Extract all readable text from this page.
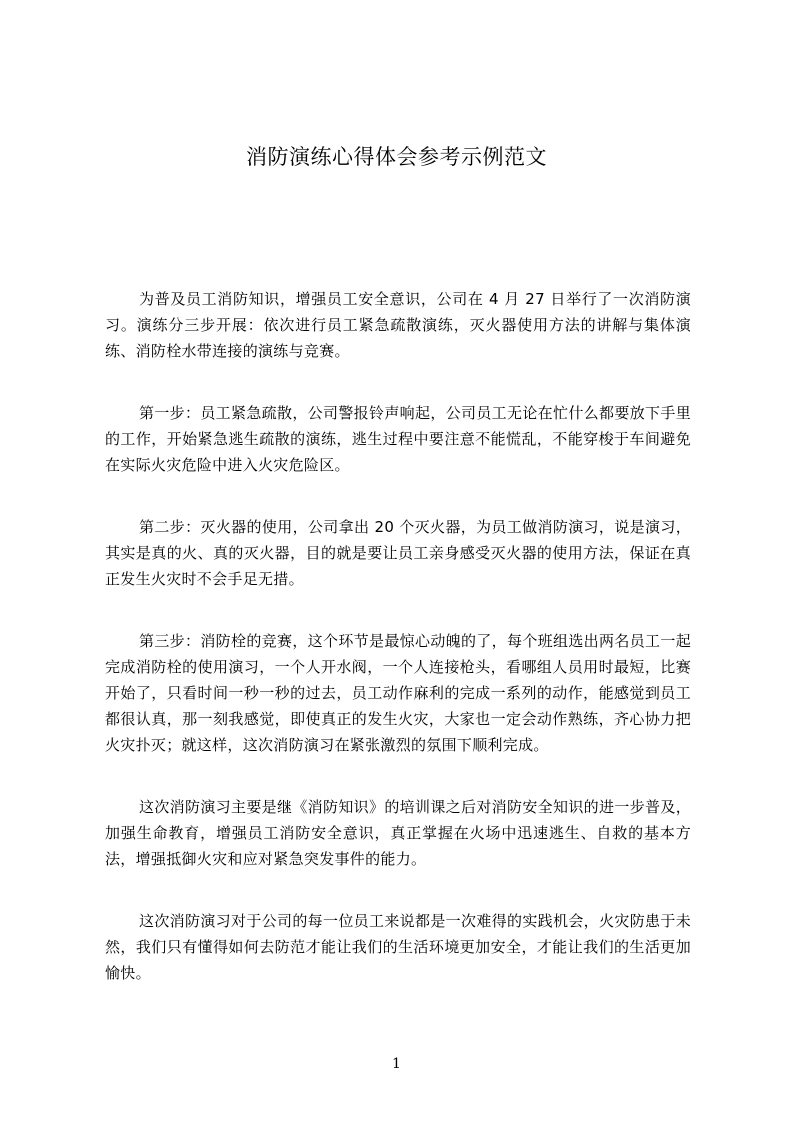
消防演练心得体会参考示例范文

为普及员工消防知识，增强员工安全意识，公司在 4 月 27 日举行了一次消防演习。演练分三步开展：依次进行员工紧急疏散演练，灭火器使用方法的讲解与集体演练、消防栓水带连接的演练与竞赛。

第一步：员工紧急疏散，公司警报铃声响起，公司员工无论在忙什么都要放下手里的工作，开始紧急逃生疏散的演练，逃生过程中要注意不能慌乱，不能穿梭于车间避免在实际火灾危险中进入火灾危险区。

第二步：灭火器的使用，公司拿出 20 个灭火器，为员工做消防演习，说是演习，其实是真的火、真的灭火器，目的就是要让员工亲身感受灭火器的使用方法，保证在真正发生火灾时不会手足无措。

第三步：消防栓的竞赛，这个环节是最惊心动魄的了，每个班组选出两名员工一起完成消防栓的使用演习，一个人开水阀，一个人连接枪头，看哪组人员用时最短，比赛开始了，只看时间一秒一秒的过去，员工动作麻利的完成一系列的动作，能感觉到员工都很认真，那一刻我感觉，即使真正的发生火灾，大家也一定会动作熟练，齐心协力把火灾扑灭；就这样，这次消防演习在紧张激烈的氛围下顺利完成。

这次消防演习主要是继《消防知识》的培训课之后对消防安全知识的进一步普及，加强生命教育，增强员工消防安全意识，真正掌握在火场中迅速逃生、自救的基本方法，增强抵御火灾和应对紧急突发事件的能力。

这次消防演习对于公司的每一位员工来说都是一次难得的实践机会，火灾防患于未然，我们只有懂得如何去防范才能让我们的生活环境更加安全，才能让我们的生活更加愉快。

1
